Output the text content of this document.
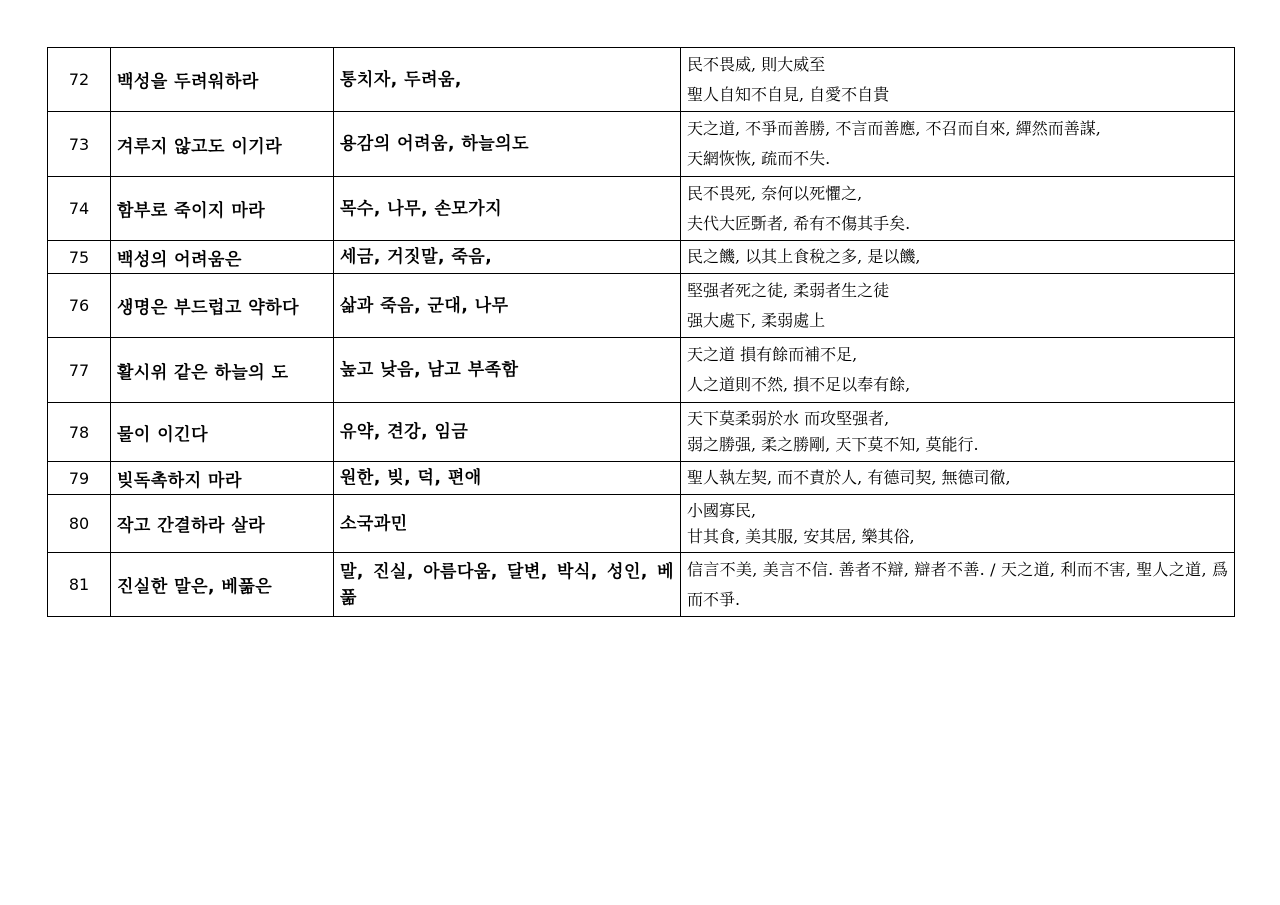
72	백성을 두려워하라	통치자, 두려움,	民不畏威, 則大威至
聖人自知不自見, 自愛不自貴

73	겨루지 않고도 이기라	용감의 어려움, 하늘의도	天之道, 不爭而善勝, 不言而善應, 不召而自來, 繟然而善謀,
天網恢恢, 疏而不失.

74	함부로 죽이지 마라	목수, 나무, 손모가지	民不畏死, 奈何以死懼之,
夫代大匠斲者, 希有不傷其手矣.

75	백성의 어려움은	세금, 거짓말, 죽음,	民之饑, 以其上食稅之多, 是以饑,

76	생명은 부드럽고 약하다	삶과 죽음, 군대, 나무	堅强者死之徒, 柔弱者生之徒
强大處下, 柔弱處上

77	활시위 같은 하늘의 도	높고 낮음, 남고 부족함	天之道 損有餘而補不足,
人之道則不然, 損不足以奉有餘,

78	물이 이긴다	유약, 견강, 임금	天下莫柔弱於水 而攻堅强者,
弱之勝强, 柔之勝剛, 天下莫不知, 莫能行.

79	빚독촉하지 마라	원한, 빚, 덕, 편애	聖人執左契, 而不責於人, 有德司契, 無德司徹,

80	작고 간결하라 살라	소국과민	小國寡民,
甘其食, 美其服, 安其居, 樂其俗,

81	진실한 말은, 베풂은	말, 진실, 아름다움, 달변, 박식, 성인, 베풂	信言不美, 美言不信. 善者不辯, 辯者不善. / 天之道, 利而不害, 聖人之道, 爲而不爭.
